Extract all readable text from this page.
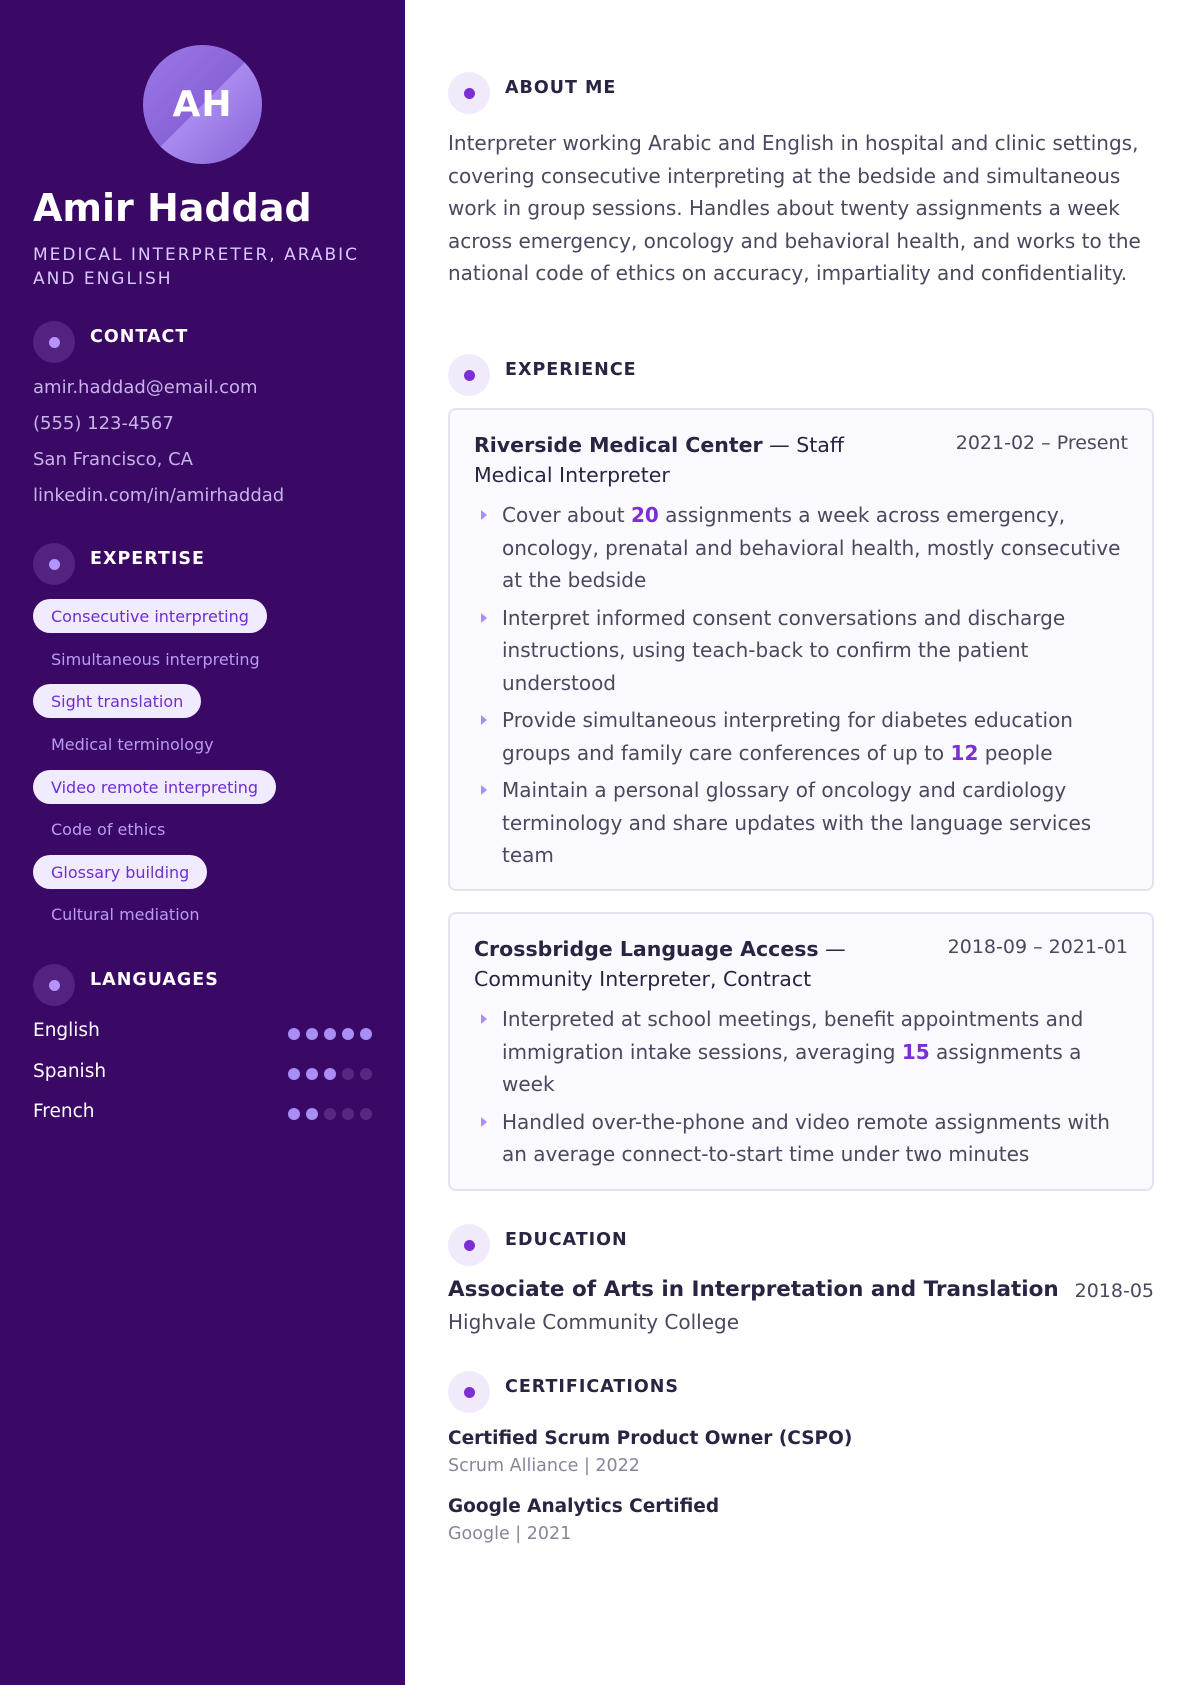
AH
Amir Haddad
MEDICAL INTERPRETER, ARABIC AND ENGLISH
CONTACT
amir.haddad@email.com
(555) 123-4567
San Francisco, CA
linkedin.com/in/amirhaddad
EXPERTISE
Consecutive interpreting
Simultaneous interpreting
Sight translation
Medical terminology
Video remote interpreting
Code of ethics
Glossary building
Cultural mediation
LANGUAGES
English
Spanish
French
ABOUT ME

Interpreter working Arabic and English in hospital and clinic settings, covering consecutive interpreting at the bedside and simultaneous work in group sessions. Handles about twenty assignments a week across emergency, oncology and behavioral health, and works to the national code of ethics on accuracy, impartiality and confidentiality.

EXPERIENCE
Riverside Medical Center — Staff Medical Interpreter
2021-02 – Present
Cover about 20 assignments a week across emergency, oncology, prenatal and behavioral health, mostly consecutive at the bedside
Interpret informed consent conversations and discharge instructions, using teach-back to confirm the patient understood
Provide simultaneous interpreting for diabetes education groups and family care conferences of up to 12 people
Maintain a personal glossary of oncology and cardiology terminology and share updates with the language services team
Crossbridge Language Access — Community Interpreter, Contract
2018-09 – 2021-01
Interpreted at school meetings, benefit appointments and immigration intake sessions, averaging 15 assignments a week
Handled over-the-phone and video remote assignments with an average connect-to-start time under two minutes
EDUCATION
Associate of Arts in Interpretation and Translation 2018-05
Highvale Community College
CERTIFICATIONS
Certified Scrum Product Owner (CSPO)
Scrum Alliance | 2022
Google Analytics Certified
Google | 2021
